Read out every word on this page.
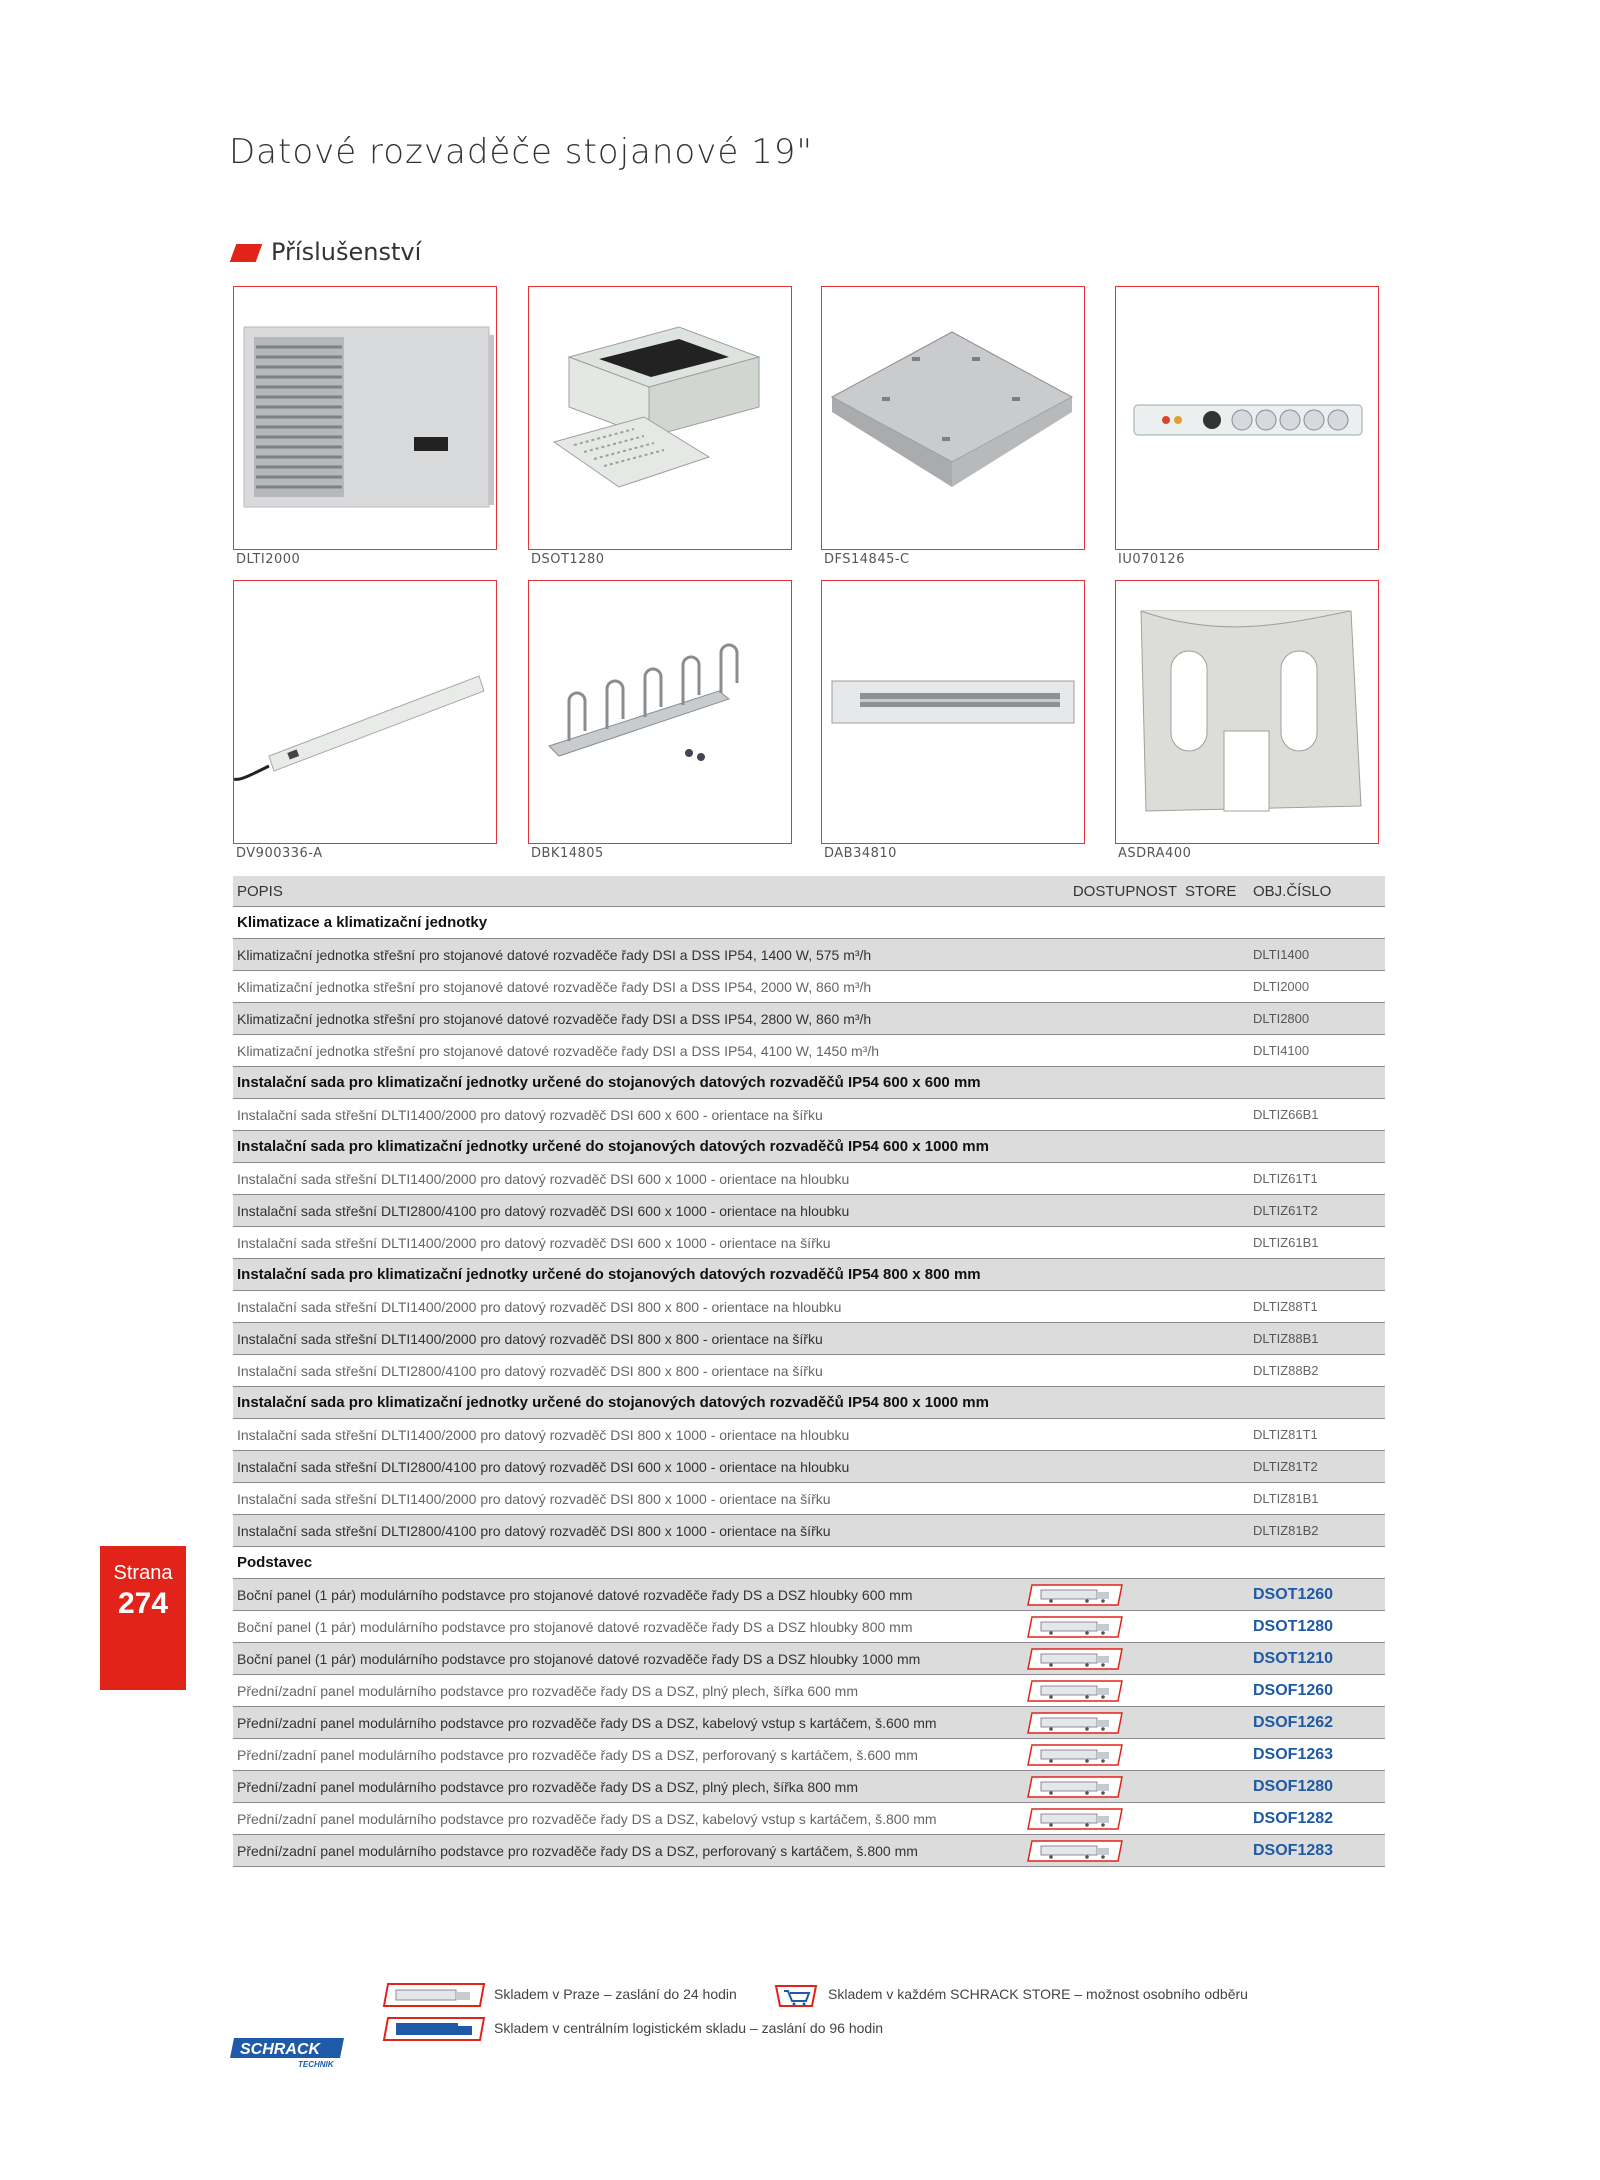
Datové rozvaděče stojanové 19"
Příslušenství
DLTI2000	DSOT1280	DFS14845-C	IU070126
DV900336-A	DBK14805	DAB34810	ASDRA400
POPIS	DOSTUPNOST	STORE	OBJ.ČÍSLO
Klimatizace a klimatizační jednotky			
Klimatizační jednotka střešní pro stojanové datové rozvaděče řady DSI a DSS IP54, 1400 W, 575 m³/h			DLTI1400
Klimatizační jednotka střešní pro stojanové datové rozvaděče řady DSI a DSS IP54, 2000 W, 860 m³/h			DLTI2000
Klimatizační jednotka střešní pro stojanové datové rozvaděče řady DSI a DSS IP54, 2800 W, 860 m³/h			DLTI2800
Klimatizační jednotka střešní pro stojanové datové rozvaděče řady DSI a DSS IP54, 4100 W, 1450 m³/h			DLTI4100
Instalační sada pro klimatizační jednotky určené do stojanových datových rozvaděčů IP54 600 x 600 mm			
Instalační sada střešní DLTI1400/2000 pro datový rozvaděč DSI 600 x 600 - orientace na šířku			DLTIZ66B1
Instalační sada pro klimatizační jednotky určené do stojanových datových rozvaděčů IP54 600 x 1000 mm			
Instalační sada střešní DLTI1400/2000 pro datový rozvaděč DSI 600 x 1000 - orientace na hloubku			DLTIZ61T1
Instalační sada střešní DLTI2800/4100 pro datový rozvaděč DSI 600 x 1000 - orientace na hloubku			DLTIZ61T2
Instalační sada střešní DLTI1400/2000 pro datový rozvaděč DSI 600 x 1000 - orientace na šířku			DLTIZ61B1
Instalační sada pro klimatizační jednotky určené do stojanových datových rozvaděčů IP54 800 x 800 mm			
Instalační sada střešní DLTI1400/2000 pro datový rozvaděč DSI 800 x 800 - orientace na hloubku			DLTIZ88T1
Instalační sada střešní DLTI1400/2000 pro datový rozvaděč DSI 800 x 800 - orientace na šířku			DLTIZ88B1
Instalační sada střešní DLTI2800/4100 pro datový rozvaděč DSI 800 x 800 - orientace na šířku			DLTIZ88B2
Instalační sada pro klimatizační jednotky určené do stojanových datových rozvaděčů IP54 800 x 1000 mm			
Instalační sada střešní DLTI1400/2000 pro datový rozvaděč DSI 800 x 1000 - orientace na hloubku			DLTIZ81T1
Instalační sada střešní DLTI2800/4100 pro datový rozvaděč DSI 600 x 1000 - orientace na hloubku			DLTIZ81T2
Instalační sada střešní DLTI1400/2000 pro datový rozvaděč DSI 800 x 1000 - orientace na šířku			DLTIZ81B1
Instalační sada střešní DLTI2800/4100 pro datový rozvaděč DSI 800 x 1000 - orientace na šířku			DLTIZ81B2
Podstavec			
Boční panel (1 pár) modulárního podstavce pro stojanové datové rozvaděče řady DS a DSZ hloubky 600 mm			DSOT1260
Boční panel (1 pár) modulárního podstavce pro stojanové datové rozvaděče řady DS a DSZ hloubky 800 mm			DSOT1280
Boční panel (1 pár) modulárního podstavce pro stojanové datové rozvaděče řady DS a DSZ hloubky 1000 mm			DSOT1210
Přední/zadní panel modulárního podstavce pro rozvaděče řady DS a DSZ, plný plech, šířka 600 mm			DSOF1260
Přední/zadní panel modulárního podstavce pro rozvaděče řady DS a DSZ, kabelový vstup s kartáčem, š.600 mm			DSOF1262
Přední/zadní panel modulárního podstavce pro rozvaděče řady DS a DSZ, perforovaný s kartáčem, š.600 mm			DSOF1263
Přední/zadní panel modulárního podstavce pro rozvaděče řady DS a DSZ, plný plech, šířka 800 mm			DSOF1280
Přední/zadní panel modulárního podstavce pro rozvaděče řady DS a DSZ, kabelový vstup s kartáčem, š.800 mm			DSOF1282
Přední/zadní panel modulárního podstavce pro rozvaděče řady DS a DSZ, perforovaný s kartáčem, š.800 mm			DSOF1283
Strana
274
Skladem v Praze – zaslání do 24 hodin	Skladem v každém SCHRACK STORE – možnost osobního odběru
Skladem v centrálním logistickém skladu – zaslání do 96 hodin
SCHRACK
TECHNIK
